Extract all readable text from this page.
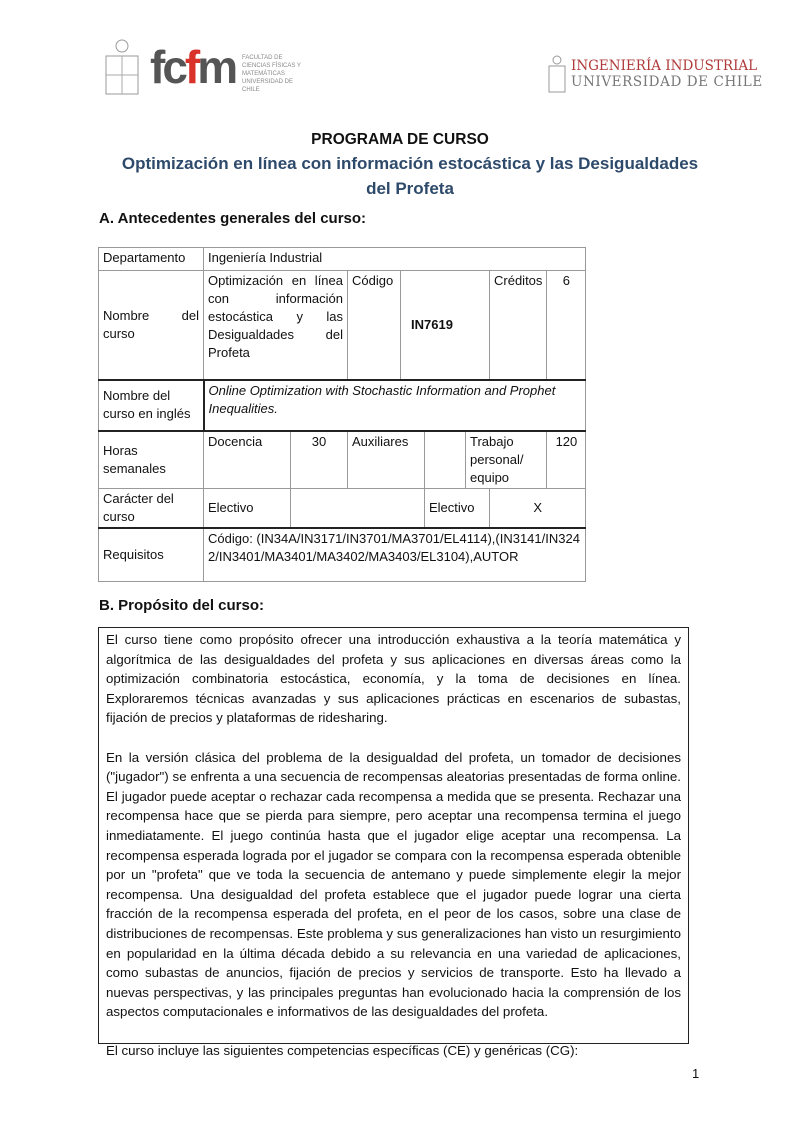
fcfm FACULTAD DE CIENCIAS FÍSICAS Y MATEMÁTICAS UNIVERSIDAD DE CHILE
INGENIERÍA INDUSTRIAL
UNIVERSIDAD DE CHILE
PROGRAMA DE CURSO
Optimización en línea con información estocástica y las Desigualdades del Profeta
A. Antecedentes generales del curso:
Departamento	Ingeniería Industrial							
Nombre del curso	Optimización en línea con información estocástica y las Desigualdades del Profeta		Código	IN7619			Créditos	6
Nombre del curso en inglés	Online Optimization with Stochastic Information and Prophet Inequalities.							
Horas semanales	Docencia	30	Auxiliares			Trabajo personal/ equipo		120
Carácter del curso	Electivo				Electivo		X	
Requisitos	Código: (IN34A/IN3171/IN3701/MA3701/EL4114),(IN3141/IN3242/IN3401/MA3401/MA3402/MA3403/EL3104),AUTOR							
B. Propósito del curso:

El curso tiene como propósito ofrecer una introducción exhaustiva a la teoría matemática y algorítmica de las desigualdades del profeta y sus aplicaciones en diversas áreas como la optimización combinatoria estocástica, economía, y la toma de decisiones en línea. Exploraremos técnicas avanzadas y sus aplicaciones prácticas en escenarios de subastas, fijación de precios y plataformas de ridesharing.

En la versión clásica del problema de la desigualdad del profeta, un tomador de decisiones ("jugador") se enfrenta a una secuencia de recompensas aleatorias presentadas de forma online. El jugador puede aceptar o rechazar cada recompensa a medida que se presenta. Rechazar una recompensa hace que se pierda para siempre, pero aceptar una recompensa termina el juego inmediatamente. El juego continúa hasta que el jugador elige aceptar una recompensa. La recompensa esperada lograda por el jugador se compara con la recompensa esperada obtenible por un "profeta" que ve toda la secuencia de antemano y puede simplemente elegir la mejor recompensa. Una desigualdad del profeta establece que el jugador puede lograr una cierta fracción de la recompensa esperada del profeta, en el peor de los casos, sobre una clase de distribuciones de recompensas. Este problema y sus generalizaciones han visto un resurgimiento en popularidad en la última década debido a su relevancia en una variedad de aplicaciones, como subastas de anuncios, fijación de precios y servicios de transporte. Esto ha llevado a nuevas perspectivas, y las principales preguntas han evolucionado hacia la comprensión de los aspectos computacionales e informativos de las desigualdades del profeta.

El curso incluye las siguientes competencias específicas (CE) y genéricas (CG):

1
